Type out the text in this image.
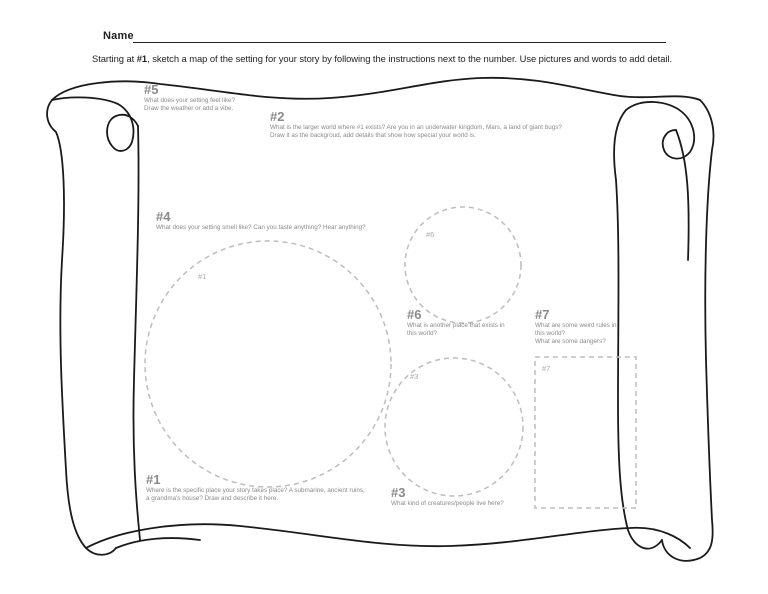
Name
Starting at #1, sketch a map of the setting for your story by following the instructions next to the number. Use pictures and words to add detail.
#5
What does your setting feel like?
Draw the weather or add a vibe.
#2
What is the larger world where #1 exists? Are you in an underwater kingdom, Mars, a land of giant bugs?
Draw it as the backgroud, add details that show how special your world is.
#4
What does your setting smell like? Can you taste anything? Hear anything?
#6
What is another place that exists in
this world?
#7
What are some weird rules in
this world?
What are some dangers?
#1
Where is the specific place your story takes place? A submarine, ancient ruins,
a grandma's house? Draw and describe it here.	#3
What kind of creatures/people live here?
#1
#6
#3
#7
